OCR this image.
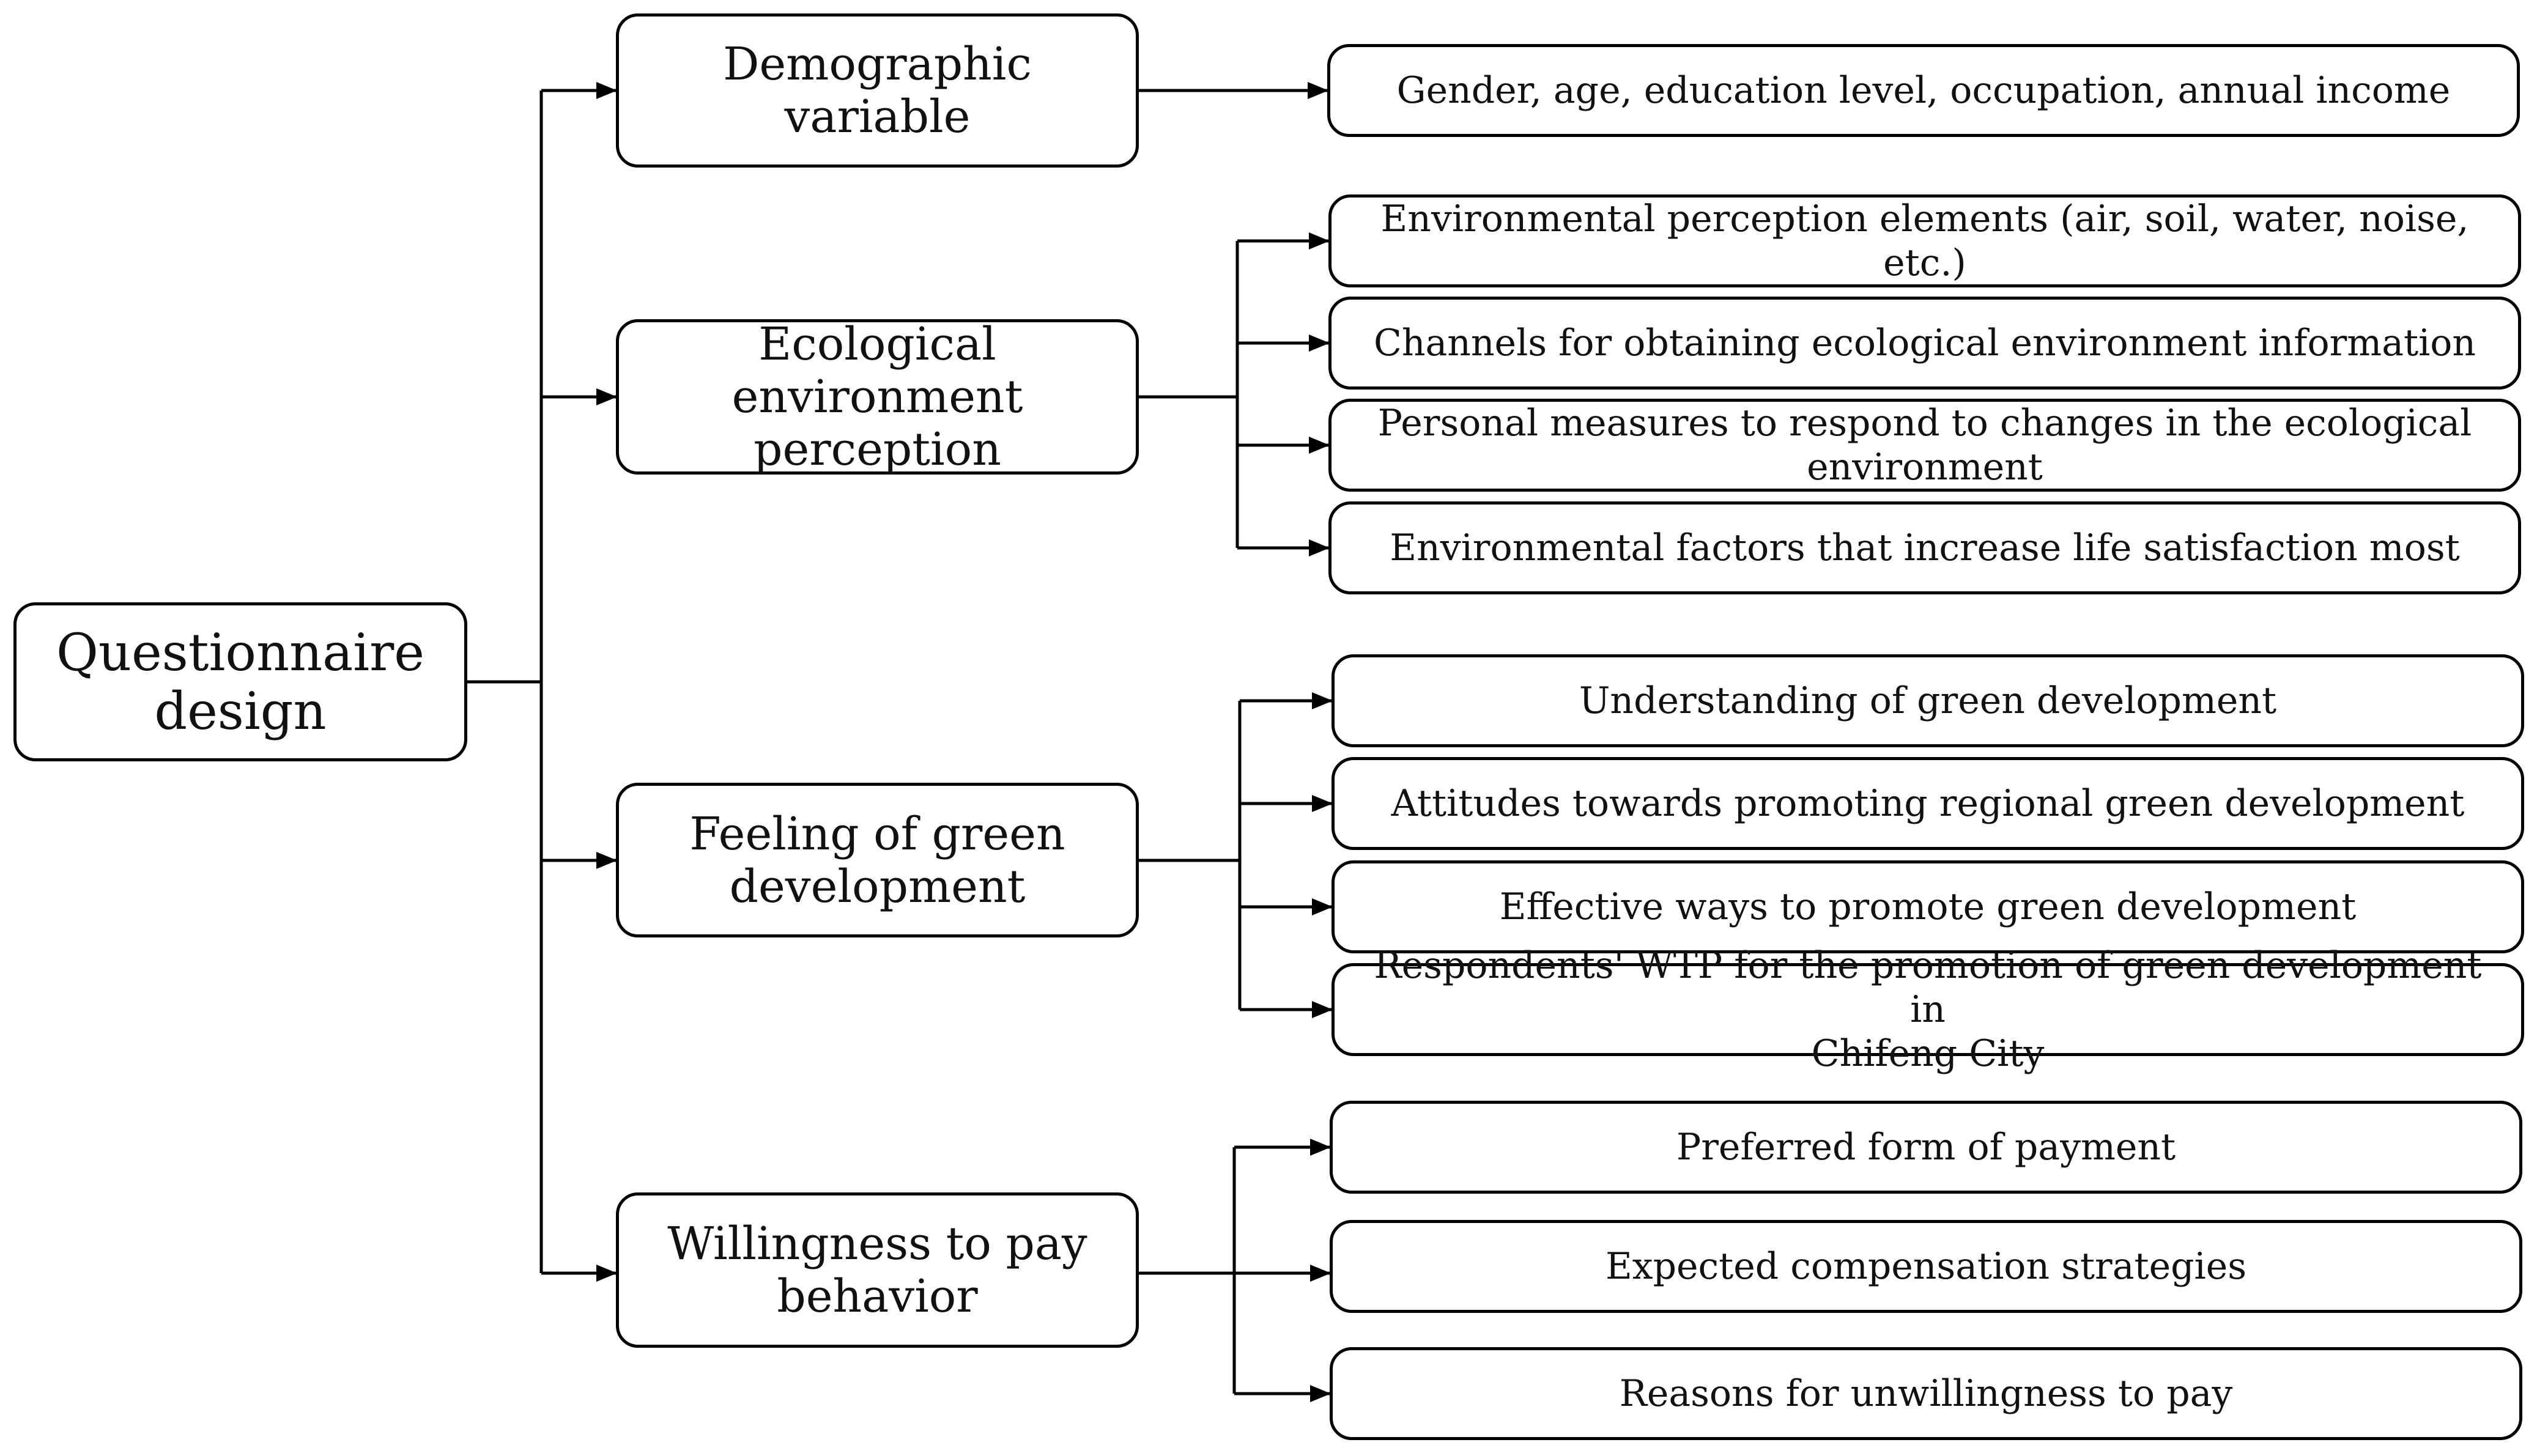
Questionnaire
design
Demographic variable
Ecological
environment
perception
Feeling of green
development
Willingness to pay
behavior
Gender, age, education level, occupation, annual income
Environmental perception elements (air, soil, water, noise, etc.)
Channels for obtaining ecological environment information
Personal measures to respond to changes in the ecological
environment
Environmental factors that increase life satisfaction most
Understanding of green development
Attitudes towards promoting regional green development
Effective ways to promote green development
Respondents' WTP for the promotion of green development in
Chifeng City
Preferred form of payment
Expected compensation strategies
Reasons for unwillingness to pay
